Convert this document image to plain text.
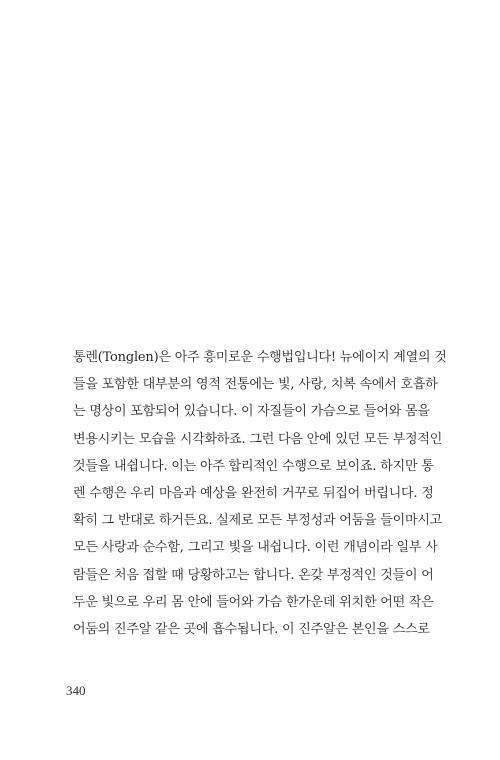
통렌(Tonglen)은 아주 흥미로운 수행법입니다! 뉴에이지 계열의 것
들을 포함한 대부분의 영적 전통에는 빛, 사랑, 치복 속에서 호흡하
는 명상이 포함되어 있습니다. 이 자질들이 가슴으로 들어와 몸을
변용시키는 모습을 시각화하죠. 그런 다음 안에 있던 모든 부정적인
것들을 내쉽니다. 이는 아주 합리적인 수행으로 보이죠. 하지만 통
렌 수행은 우리 마음과 예상을 완전히 거꾸로 뒤집어 버립니다. 정
확히 그 반대로 하거든요. 실제로 모든 부정성과 어둠을 들이마시고
모든 사랑과 순수함, 그리고 빛을 내쉽니다. 이런 개념이라 일부 사
람들은 처음 접할 때 당황하고는 합니다. 온갖 부정적인 것들이 어
두운 빛으로 우리 몸 안에 들어와 가슴 한가운데 위치한 어떤 작은
어둠의 진주알 같은 곳에 흡수됩니다. 이 진주알은 본인을 스스로
340
